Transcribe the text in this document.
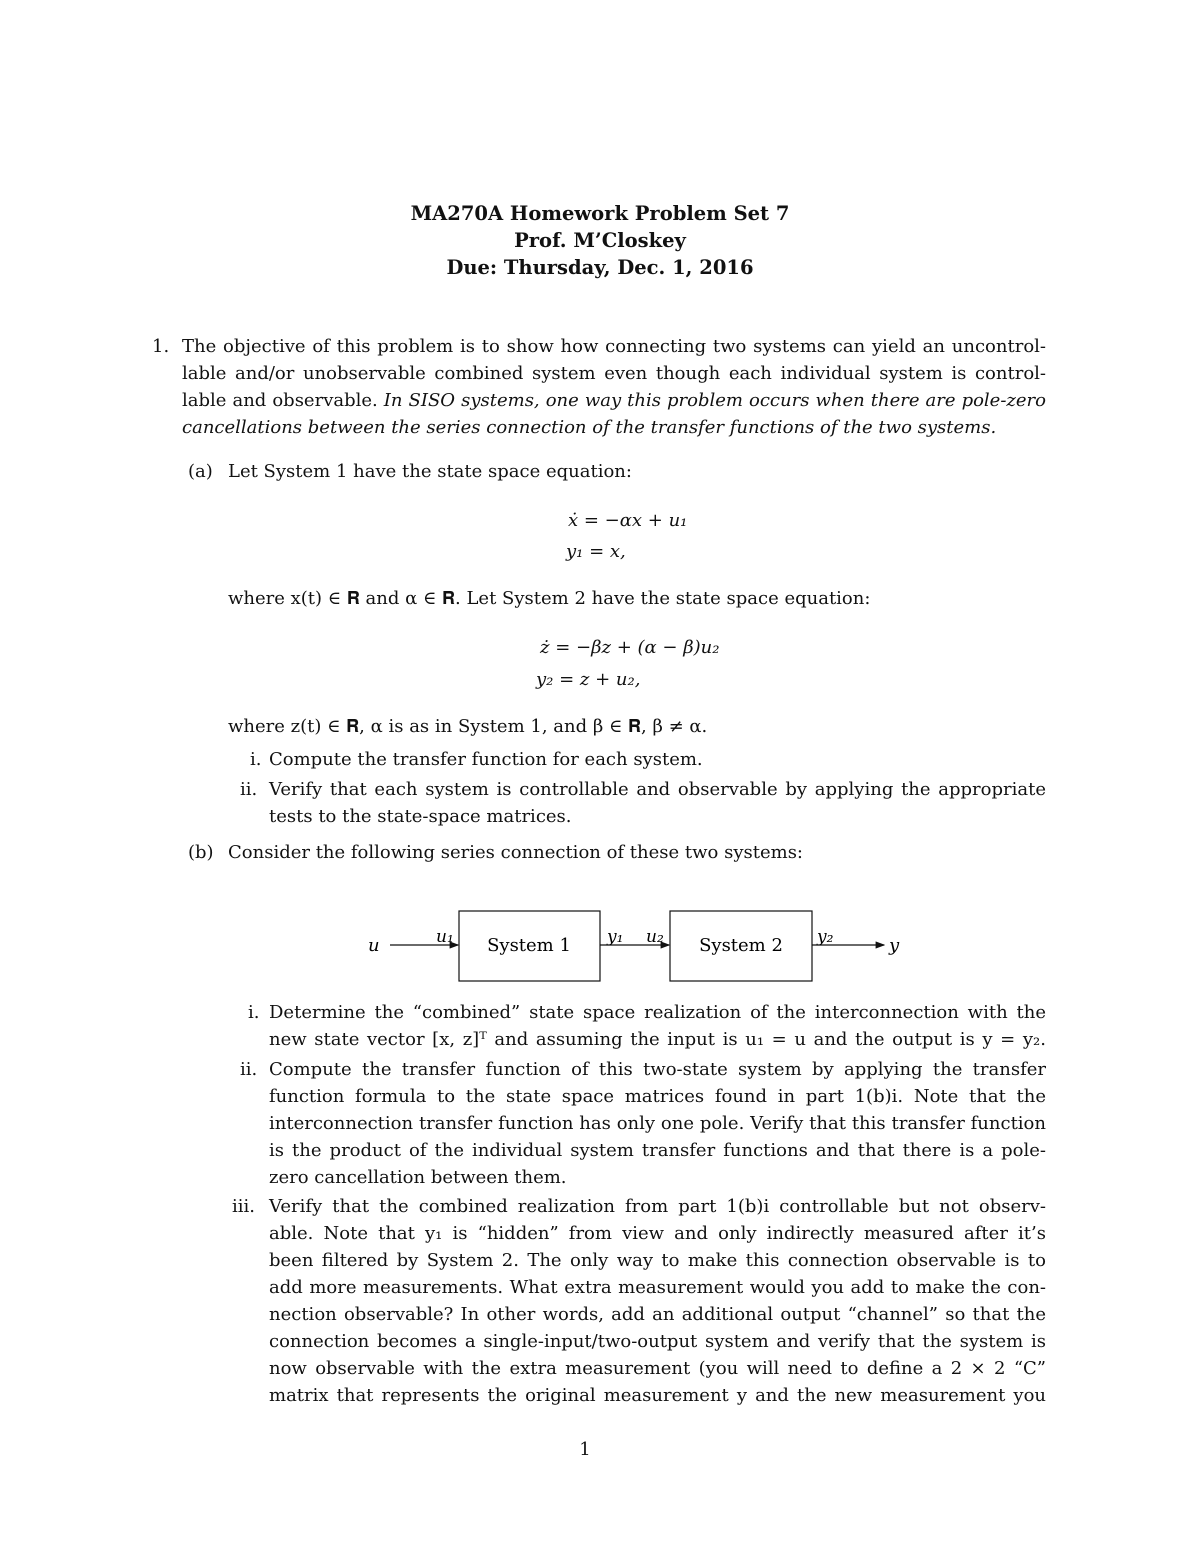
MA270A Homework Problem Set 7
Prof. M’Closkey
Due: Thursday, Dec. 1, 2016
1. The objective of this problem is to show how connecting two systems can yield an uncontrol-
lable and/or unobservable combined system even though each individual system is control-
lable and observable. In SISO systems, one way this problem occurs when there are pole-zero
cancellations between the series connection of the transfer functions of the two systems.
(a) Let System 1 have the state space equation:
ẋ = −αx + u₁
y₁ = x,
where x(t) ∈ 𝐑 and α ∈ 𝐑. Let System 2 have the state space equation:
ż = −βz + (α − β)u₂
y₂ = z + u₂,
where z(t) ∈ 𝐑, α is as in System 1, and β ∈ 𝐑, β ≠ α.
i. Compute the transfer function for each system.
ii. Verify that each system is controllable and observable by applying the appropriate
tests to the state-space matrices.
(b) Consider the following series connection of these two systems:
u	u₁ System 1 y₁ u₂ System 2 y₂	y
i. Determine the “combined” state space realization of the interconnection with the
new state vector [x, z]ᵀ and assuming the input is u₁ = u and the output is y = y₂.
ii. Compute the transfer function of this two-state system by applying the transfer
function formula to the state space matrices found in part 1(b)i. Note that the
interconnection transfer function has only one pole. Verify that this transfer function
is the product of the individual system transfer functions and that there is a pole-
zero cancellation between them.
iii. Verify that the combined realization from part 1(b)i controllable but not observ-
able. Note that y₁ is “hidden” from view and only indirectly measured after it’s
been filtered by System 2. The only way to make this connection observable is to
add more measurements. What extra measurement would you add to make the con-
nection observable? In other words, add an additional output “channel” so that the
connection becomes a single-input/two-output system and verify that the system is
now observable with the extra measurement (you will need to define a 2 × 2 “C”
matrix that represents the original measurement y and the new measurement you
1
